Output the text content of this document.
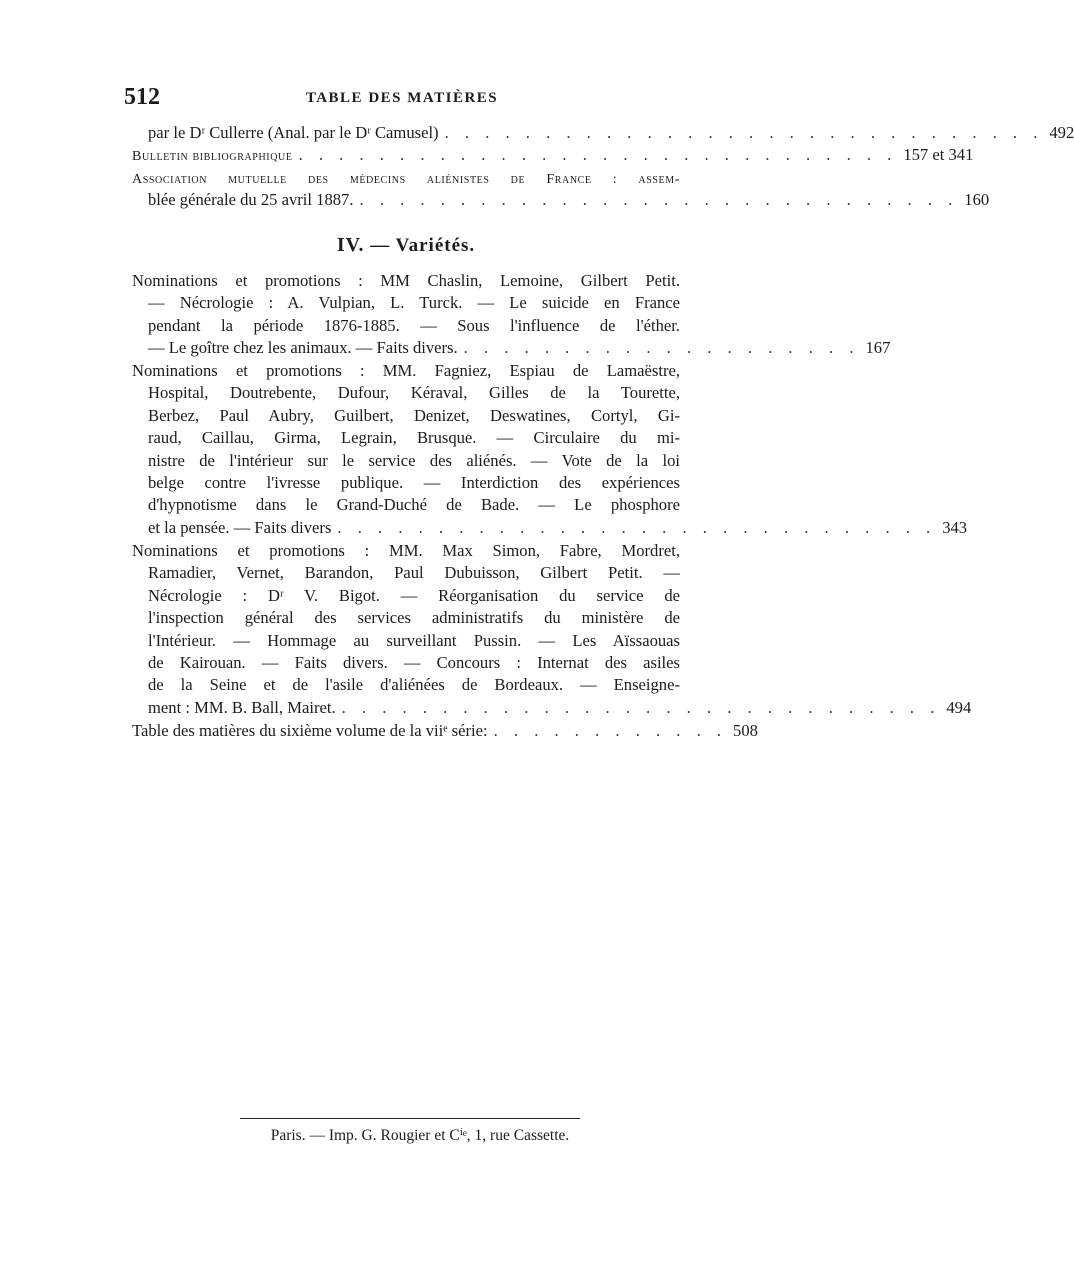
512	TABLE DES MATIÈRES
par le Dʳ Cullerre (Anal. par le Dʳ Camusel) . . . . . . . . . . . . . . . . . . . . . . . . . . . . . . 492
Bulletin bibliographique . . . . . . . . . . . . . . . . . . . . . . . . . . . . . . 157 et 341
Association mutuelle des médecins aliénistes de France : assem-
blée générale du 25 avril 1887. . . . . . . . . . . . . . . . . . . . . . . . . . . . . . . 160
IV. — Variétés.
Nominations et promotions : MM Chaslin, Lemoine, Gilbert Petit.
— Nécrologie : A. Vulpian, L. Turck. — Le suicide en France
pendant la période 1876-1885. — Sous l'influence de l'éther.
— Le goître chez les animaux. — Faits divers. . . . . . . . . . . . . . . . . . . . . 167
Nominations et promotions : MM. Fagniez, Espiau de Lamaëstre,
Hospital, Doutrebente, Dufour, Kéraval, Gilles de la Tourette,
Berbez, Paul Aubry, Guilbert, Denizet, Deswatines, Cortyl, Gi-
raud, Caillau, Girma, Legrain, Brusque. — Circulaire du mi-
nistre de l'intérieur sur le service des aliénés. — Vote de la loi
belge contre l'ivresse publique. — Interdiction des expériences
d'hypnotisme dans le Grand-Duché de Bade. — Le phosphore
et la pensée. — Faits divers . . . . . . . . . . . . . . . . . . . . . . . . . . . . . . 343
Nominations et promotions : MM. Max Simon, Fabre, Mordret,
Ramadier, Vernet, Barandon, Paul Dubuisson, Gilbert Petit. —
Nécrologie : Dʳ V. Bigot. — Réorganisation du service de
l'inspection général des services administratifs du ministère de
l'Intérieur. — Hommage au surveillant Pussin. — Les Aïssaouas
de Kairouan. — Faits divers. — Concours : Internat des asiles
de la Seine et de l'asile d'aliénées de Bordeaux. — Enseigne-
ment : MM. B. Ball, Mairet. . . . . . . . . . . . . . . . . . . . . . . . . . . . . . . 494
Table des matières du sixième volume de la viiᵉ série: . . . . . . . . . . . . 508
Paris. — Imp. G. Rougier et Cⁱᵉ, 1, rue Cassette.
